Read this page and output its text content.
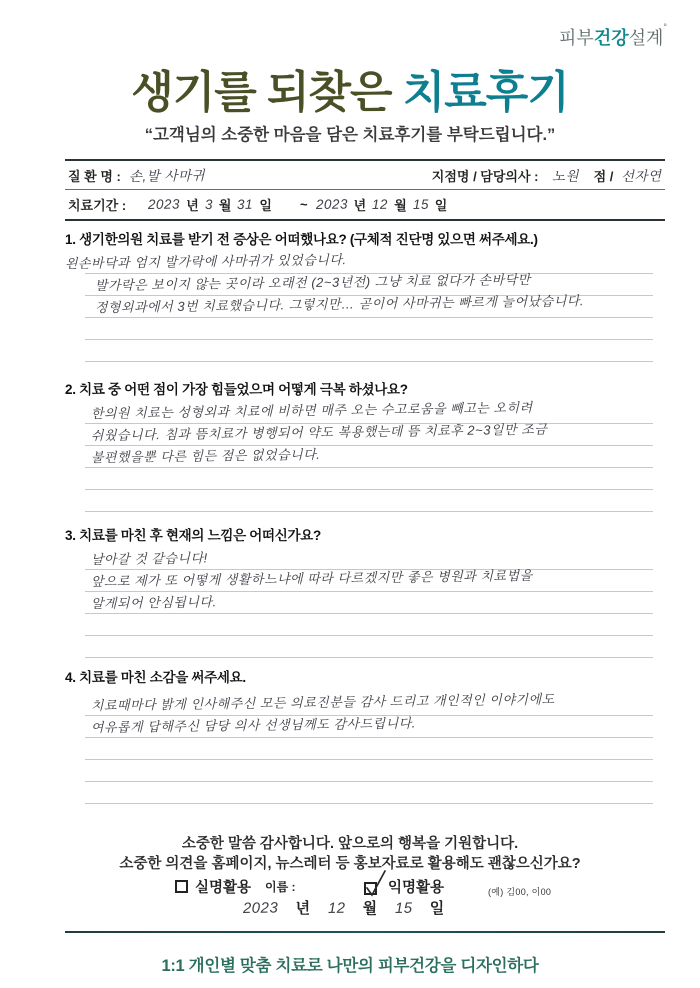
피부건강설계°
생기를 되찾은 치료후기
“고객님의 소중한 마음을 담은 치료후기를 부탁드립니다.”
질 환 명 : 손,발 사마귀	지점명 / 담당의사 : 노원 점 / 선자연
치료기간 : 2023 년 3 월 31 일 ~ 2023 년 12 월 15 일
1. 생기한의원 치료를 받기 전 증상은 어떠했나요? (구체적 진단명 있으면 써주세요.)
왼손바닥과 엄지 발가락에 사마귀가 있었습니다.
발가락은 보이지 않는 곳이라 오래전 (2~3년전) 그냥 치료 없다가 손바닥만
정형외과에서 3번 치료했습니다. 그렇지만… 곧이어 사마귀는 빠르게 늘어났습니다.
2. 치료 중 어떤 점이 가장 힘들었으며 어떻게 극복 하셨나요?
한의원 치료는 성형외과 치료에 비하면 매주 오는 수고로움을 빼고는 오히려
쉬웠습니다. 침과 뜸치료가 병행되어 약도 복용했는데 뜸 치료후 2~3일만 조금
불편했을뿐 다른 힘든 점은 없었습니다.
3. 치료를 마친 후 현재의 느낌은 어떠신가요?
날아갈 것 같습니다!
앞으로 제가 또 어떻게 생활하느냐에 따라 다르겠지만 좋은 병원과 치료법을
알게되어 안심됩니다.
4. 치료를 마친 소감을 써주세요.
치료때마다 밝게 인사해주신 모든 의료진분들 감사 드리고 개인적인 이야기에도
여유롭게 답해주신 담당 의사 선생님께도 감사드립니다.
소중한 말씀 감사합니다. 앞으로의 행복을 기원합니다.
소중한 의견을 홈페이지, 뉴스레터 등 홍보자료로 활용해도 괜찮으신가요?
실명활용 이름 :	익명활용	(예) 김00, 이00
2023 년 12 월 15 일
1:1 개인별 맞춤 치료로 나만의 피부건강을 디자인하다
